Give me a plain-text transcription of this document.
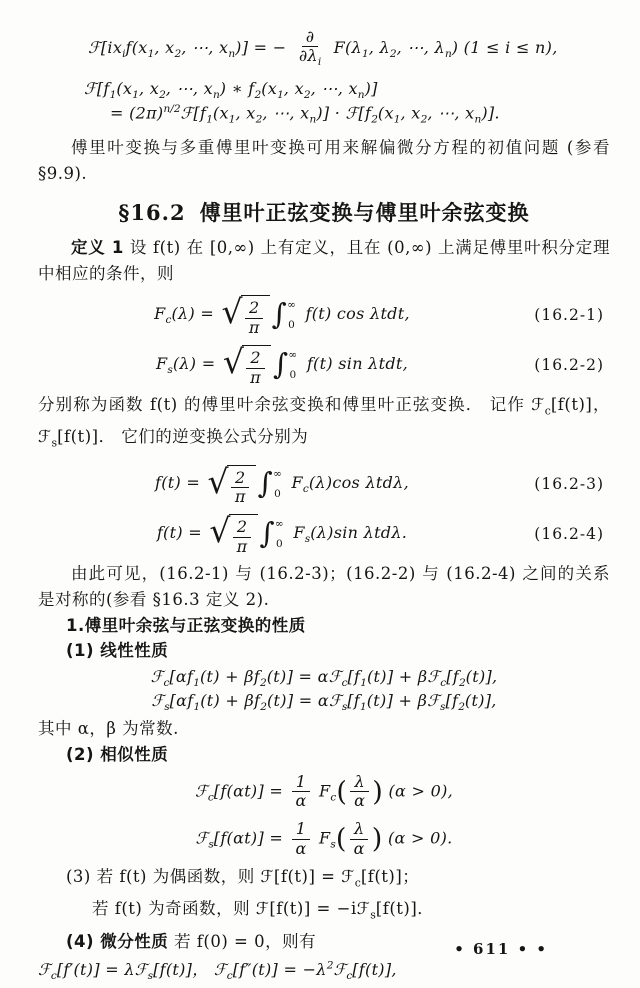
$ℱ[ix_if(x_1$, $x_2$, ⋯, $x_n$)] = − $\frac{\partial}{\partial\lambda_i} F(\lambda_1$, $\lambda_2$, ⋯, $\lambda_n$) (1 ≤ i ≤ n),
$ℱ[f_1(x_1$, $x_2$, ⋯, $x_n$) ∗ $f_2(x_1$, $x_2$, ⋯, $x_n$)]
= $(2\pi)^{n/2}ℱ[f_1(x_1$, $x_2$, ⋯, $x_n$)] · $ℱ[f_2(x_1$, $x_2$, ⋯, $x_n$)].

傅里叶变换与多重傅里叶变换可用来解偏微分方程的初值问题 (参看 §9.9).

§16.2 傅里叶正弦变换与傅里叶余弦变换

定义 1 设 f(t) 在 [0,∞) 上有定义，且在 (0,∞) 上满足傅里叶积分定理中相应的条件，则

$F_c(\lambda)$ = √ $\frac{2}{\pi}$ ∫ ∞
0
f(t) cos λtdt,	(16.2-1)
$F_s(\lambda)$ = √ $\frac{2}{\pi}$ ∫ ∞
0
f(t) sin λtdt,	(16.2-2)

分别称为函数 f(t) 的傅里叶余弦变换和傅里叶正弦变换． 记作 ℱ$_c$[f(t)]，ℱ$_s$[f(t)]． 它们的逆变换公式分别为

f(t) = √ $\frac{2}{\pi}$ ∫ ∞
0
$F_c(\lambda)\cos$ λtdλ,	(16.2-3)
f(t) = √ $\frac{2}{\pi}$ ∫ ∞
0
$F_s(\lambda)\sin$ λtdλ.	(16.2-4)

由此可见，(16.2-1) 与 (16.2-3)；(16.2-2) 与 (16.2-4) 之间的关系是对称的(参看 §16.3 定义 2).

1.傅里叶余弦与正弦变换的性质
(1) 线性性质
$ℱ_c[\alpha f_1(t) + \beta f_2(t)]$ = $\alpha ℱ_c[f_1(t)]$ + $\beta ℱ_c[f_2(t)]$,
$ℱ_s[\alpha f_1(t) + \beta f_2(t)]$ = $\alpha ℱ_s[f_1(t)]$ + $\beta ℱ_s[f_2(t)]$,

其中 α，β 为常数.

(2) 相似性质
ℱ$_c$[f(αt)] = $\frac{1}{\alpha} F_c( \frac{\lambda}{\alpha}$ ) (α > 0),
ℱ$_s$[f(αt)] = $\frac{1}{\alpha} F_s( \frac{\lambda}{\alpha}$ ) (α > 0).

(3) 若 f(t) 为偶函数，则 ℱ[f(t)] = ℱ$_c$[f(t)]；

若 f(t) 为奇函数，则 ℱ[f(t)] = −iℱ$_s$[f(t)]．

(4) 微分性质 若 f(0) = 0，则有

ℱ$_c$[f′(t)] = λℱ$_s$[f(t)]， ℱ$_c$[f″(t)] = $-\lambda^2ℱ_c[f(t)]$,
• 611 • •
